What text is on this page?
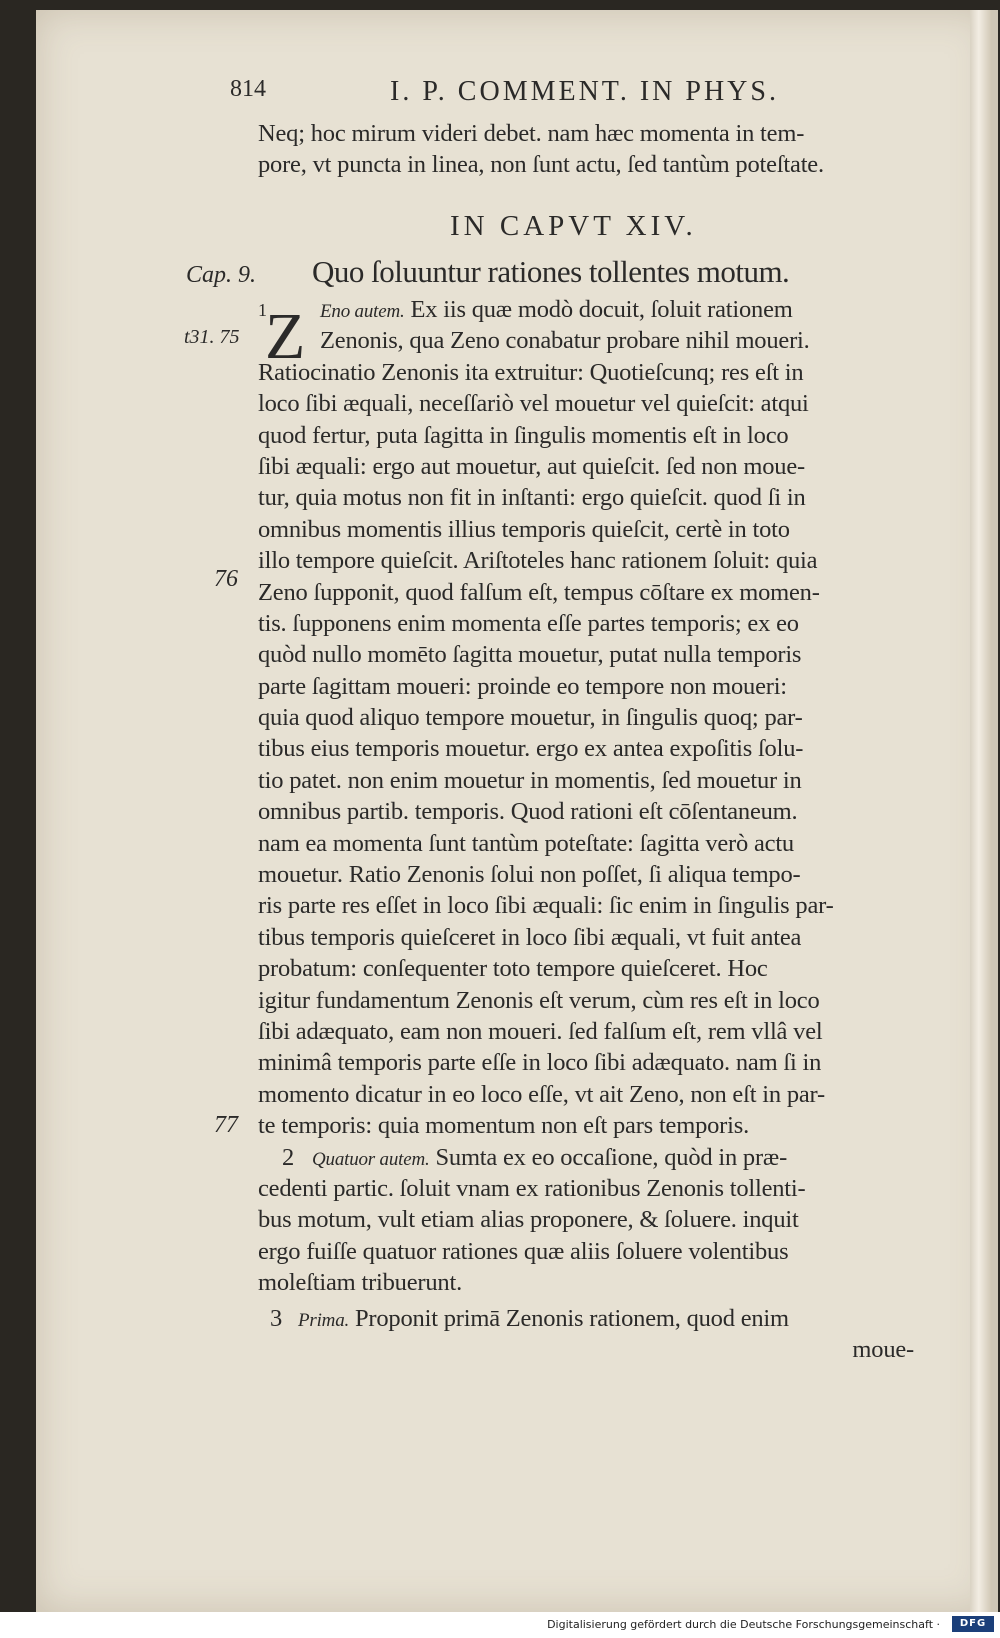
814	I. P. COMMENT. IN PHYS.
Neq; hoc mirum videri debet. nam hæc momenta in tem-
pore, vt puncta in linea, non ſunt actu, ſed tantùm poteſtate.
IN CAPVT XIV.
Quo ſoluuntur rationes tollentes motum.
Cap. 9.
t31. 75
76
77
1
Z Eno autem. Ex iis quæ modò docuit, ſoluit rationem
Zenonis, qua Zeno conabatur probare nihil moueri.
Ratiocinatio Zenonis ita extruitur: Quotieſcunq; res eſt in
loco ſibi æquali, neceſſariò vel mouetur vel quieſcit: atqui
quod fertur, puta ſagitta in ſingulis momentis eſt in loco
ſibi æquali: ergo aut mouetur, aut quieſcit. ſed non moue-
tur, quia motus non fit in inſtanti: ergo quieſcit. quod ſi in
omnibus momentis illius temporis quieſcit, certè in toto
illo tempore quieſcit. Ariſtoteles hanc rationem ſoluit: quia
Zeno ſupponit, quod falſum eſt, tempus cōſtare ex momen-
tis. ſupponens enim momenta eſſe partes temporis; ex eo
quòd nullo momēto ſagitta mouetur, putat nulla temporis
parte ſagittam moueri: proinde eo tempore non moueri:
quia quod aliquo tempore mouetur, in ſingulis quoq; par-
tibus eius temporis mouetur. ergo ex antea expoſitis ſolu-
tio patet. non enim mouetur in momentis, ſed mouetur in
omnibus partib. temporis. Quod rationi eſt cōſentaneum.
nam ea momenta ſunt tantùm poteſtate: ſagitta verò actu
mouetur. Ratio Zenonis ſolui non poſſet, ſi aliqua tempo-
ris parte res eſſet in loco ſibi æquali: ſic enim in ſingulis par-
tibus temporis quieſceret in loco ſibi æquali, vt fuit antea
probatum: conſequenter toto tempore quieſceret. Hoc
igitur fundamentum Zenonis eſt verum, cùm res eſt in loco
ſibi adæquato, eam non moueri. ſed falſum eſt, rem vllâ vel
minimâ temporis parte eſſe in loco ſibi adæquato. nam ſi in
momento dicatur in eo loco eſſe, vt ait Zeno, non eſt in par-
te temporis: quia momentum non eſt pars temporis.
2 Quatuor autem. Sumta ex eo occaſione, quòd in præ-
cedenti partic. ſoluit vnam ex rationibus Zenonis tollenti-
bus motum, vult etiam alias proponere, & ſoluere. inquit
ergo fuiſſe quatuor rationes quæ aliis ſoluere volentibus
moleſtiam tribuerunt.
3 Prima. Proponit primā Zenonis rationem, quod enim
moue-
Digitalisierung gefördert durch die Deutsche Forschungsgemeinschaft ·	DFG
